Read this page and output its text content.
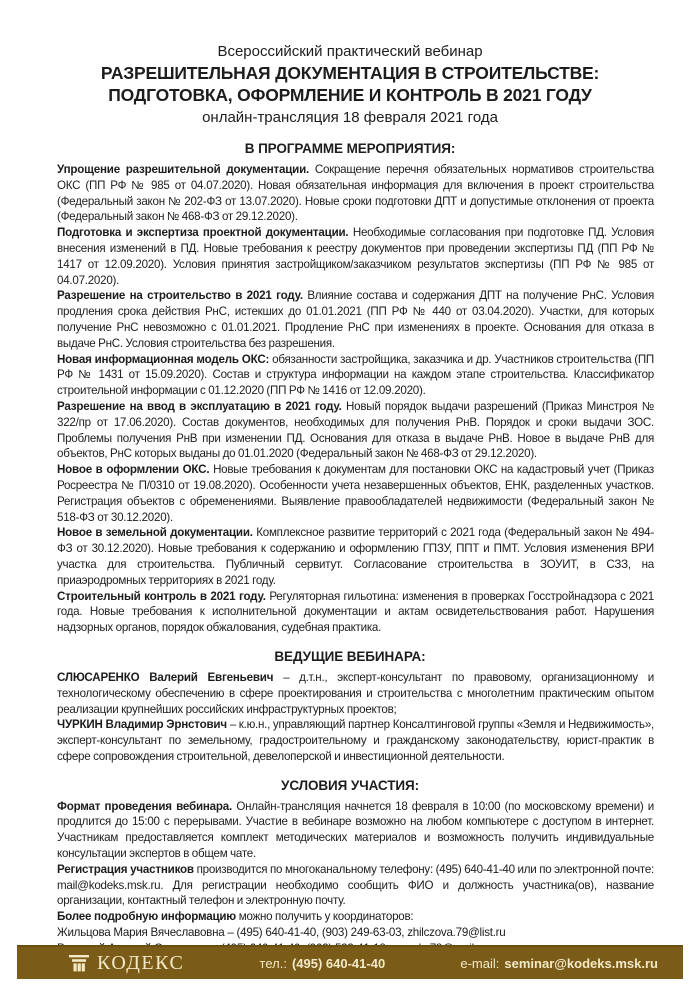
Всероссийский практический вебинар
РАЗРЕШИТЕЛЬНАЯ ДОКУМЕНТАЦИЯ В СТРОИТЕЛЬСТВЕ:
ПОДГОТОВКА, ОФОРМЛЕНИЕ И КОНТРОЛЬ В 2021 ГОДУ
онлайн-трансляция 18 февраля 2021 года
В ПРОГРАММЕ МЕРОПРИЯТИЯ:

Упрощение разрешительной документации. Сокращение перечня обязательных нормативов строительства ОКС (ПП РФ № 985 от 04.07.2020). Новая обязательная информация для включения в проект строительства (Федеральный закон № 202-ФЗ от 13.07.2020). Новые сроки подготовки ДПТ и допустимые отклонения от проекта (Федеральный закон № 468-ФЗ от 29.12.2020).

Подготовка и экспертиза проектной документации. Необходимые согласования при подготовке ПД. Условия внесения изменений в ПД. Новые требования к реестру документов при проведении экспертизы ПД (ПП РФ № 1417 от 12.09.2020). Условия принятия застройщиком/заказчиком результатов экспертизы (ПП РФ № 985 от 04.07.2020).

Разрешение на строительство в 2021 году. Влияние состава и содержания ДПТ на получение РнС. Условия продления срока действия РнС, истекших до 01.01.2021 (ПП РФ № 440 от 03.04.2020). Участки, для которых получение РнС невозможно с 01.01.2021. Продление РнС при изменениях в проекте. Основания для отказа в выдаче РнС. Условия строительства без разрешения.

Новая информационная модель ОКС: обязанности застройщика, заказчика и др. Участников строительства (ПП РФ № 1431 от 15.09.2020). Состав и структура информации на каждом этапе строительства. Классификатор строительной информации с 01.12.2020 (ПП РФ № 1416 от 12.09.2020).

Разрешение на ввод в эксплуатацию в 2021 году. Новый порядок выдачи разрешений (Приказ Минстроя № 322/пр от 17.06.2020). Состав документов, необходимых для получения РнВ. Порядок и сроки выдачи ЗОС. Проблемы получения РнВ при изменении ПД. Основания для отказа в выдаче РнВ. Новое в выдаче РнВ для объектов, РнС которых выданы до 01.01.2020 (Федеральный закон № 468-ФЗ от 29.12.2020).

Новое в оформлении ОКС. Новые требования к документам для постановки ОКС на кадастровый учет (Приказ Росреестра № П/0310 от 19.08.2020). Особенности учета незавершенных объектов, ЕНК, разделенных участков. Регистрация объектов с обременениями. Выявление правообладателей недвижимости (Федеральный закон № 518-ФЗ от 30.12.2020).

Новое в земельной документации. Комплексное развитие территорий с 2021 года (Федеральный закон № 494-ФЗ от 30.12.2020). Новые требования к содержанию и оформлению ГПЗУ, ППТ и ПМТ. Условия изменения ВРИ участка для строительства. Публичный сервитут. Согласование строительства в ЗОУИТ, в СЗЗ, на приаэродромных территориях в 2021 году.

Строительный контроль в 2021 году. Регуляторная гильотина: изменения в проверках Госстройнадзора с 2021 года. Новые требования к исполнительной документации и актам освидетельствования работ. Нарушения надзорных органов, порядок обжалования, судебная практика.

ВЕДУЩИЕ ВЕБИНАРА:

СЛЮСАРЕНКО Валерий Евгеньевич – д.т.н., эксперт-консультант по правовому, организационному и технологическому обеспечению в сфере проектирования и строительства с многолетним практическим опытом реализации крупнейших российских инфраструктурных проектов;

ЧУРКИН Владимир Эрнстович – к.ю.н., управляющий партнер Консалтинговой группы «Земля и Недвижимость», эксперт-консультант по земельному, градостроительному и гражданскому законодательству, юрист-практик в сфере сопровождения строительной, девелоперской и инвестиционной деятельности.

УСЛОВИЯ УЧАСТИЯ:

Формат проведения вебинара. Онлайн-трансляция начнется 18 февраля в 10:00 (по московскому времени) и продлится до 15:00 с перерывами. Участие в вебинаре возможно на любом компьютере с доступом в интернет. Участникам предоставляется комплект методических материалов и возможность получить индивидуальные консультации экспертов в общем чате.

Регистрация участников производится по многоканальному телефону: (495) 640-41-40 или по электронной почте: mail@kodeks.msk.ru. Для регистрации необходимо сообщить ФИО и должность участника(ов), название организации, контактный телефон и электронную почту.

Более подробную информацию можно получить у координаторов:

Жильцова Мария Вячеславовна – (495) 640-41-40, (903) 249-63-03, zhilczova.79@list.ru

КОДЕКС	тел.: (495) 640-41-40	e-mail: seminar@kodeks.msk.ru
